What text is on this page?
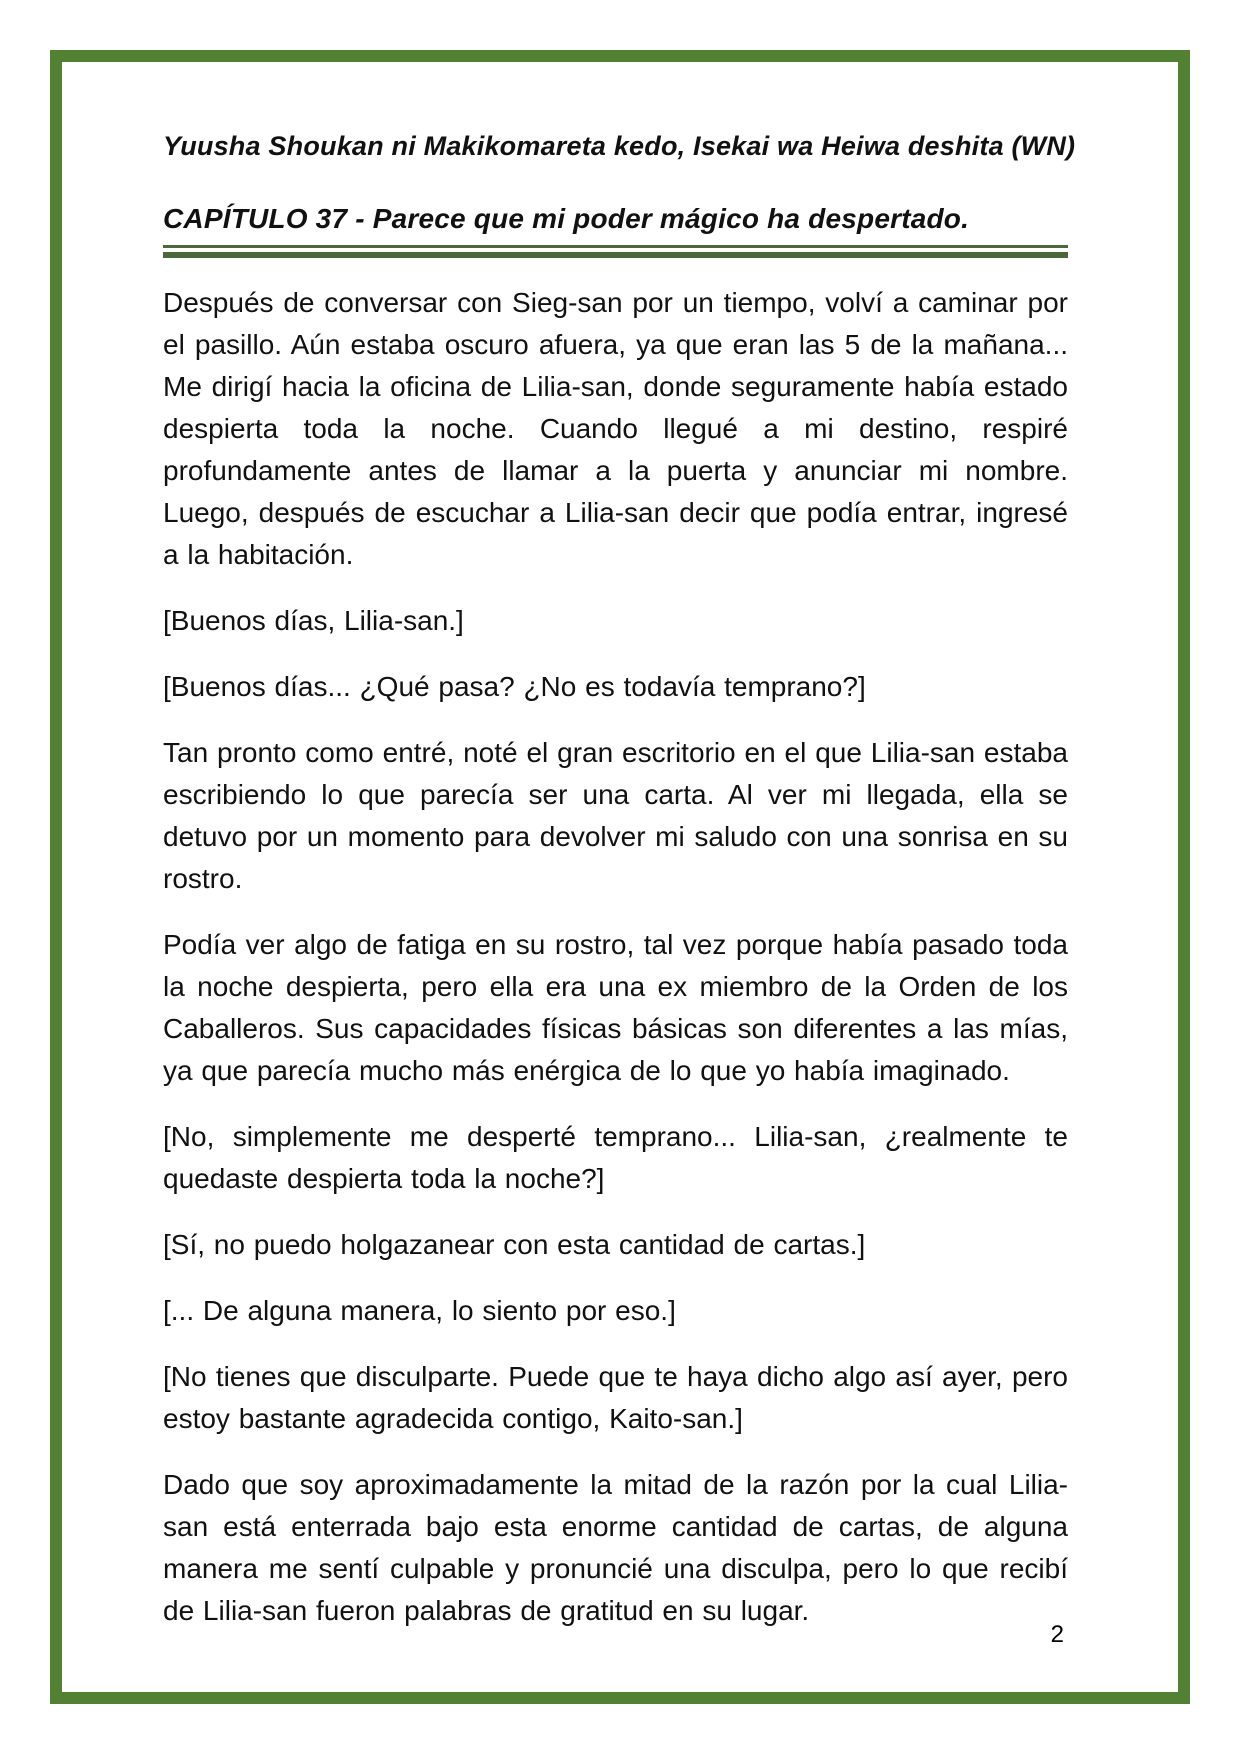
Yuusha Shoukan ni Makikomareta kedo, Isekai wa Heiwa deshita (WN)
CAPÍTULO 37 - Parece que mi poder mágico ha despertado.

Después de conversar con Sieg-san por un tiempo, volví a caminar por el pasillo. Aún estaba oscuro afuera, ya que eran las 5 de la mañana... Me dirigí hacia la oficina de Lilia-san, donde seguramente había estado despierta toda la noche. Cuando llegué a mi destino, respiré profundamente antes de llamar a la puerta y anunciar mi nombre. Luego, después de escuchar a Lilia-san decir que podía entrar, ingresé a la habitación.

[Buenos días, Lilia-san.]

[Buenos días... ¿Qué pasa? ¿No es todavía temprano?]

Tan pronto como entré, noté el gran escritorio en el que Lilia-san estaba escribiendo lo que parecía ser una carta. Al ver mi llegada, ella se detuvo por un momento para devolver mi saludo con una sonrisa en su rostro.

Podía ver algo de fatiga en su rostro, tal vez porque había pasado toda la noche despierta, pero ella era una ex miembro de la Orden de los Caballeros. Sus capacidades físicas básicas son diferentes a las mías, ya que parecía mucho más enérgica de lo que yo había imaginado.

[No, simplemente me desperté temprano... Lilia-san, ¿realmente te quedaste despierta toda la noche?]

[Sí, no puedo holgazanear con esta cantidad de cartas.]

[... De alguna manera, lo siento por eso.]

[No tienes que disculparte. Puede que te haya dicho algo así ayer, pero estoy bastante agradecida contigo, Kaito-san.]

Dado que soy aproximadamente la mitad de la razón por la cual Lilia-san está enterrada bajo esta enorme cantidad de cartas, de alguna manera me sentí culpable y pronuncié una disculpa, pero lo que recibí de Lilia-san fueron palabras de gratitud en su lugar.

2
